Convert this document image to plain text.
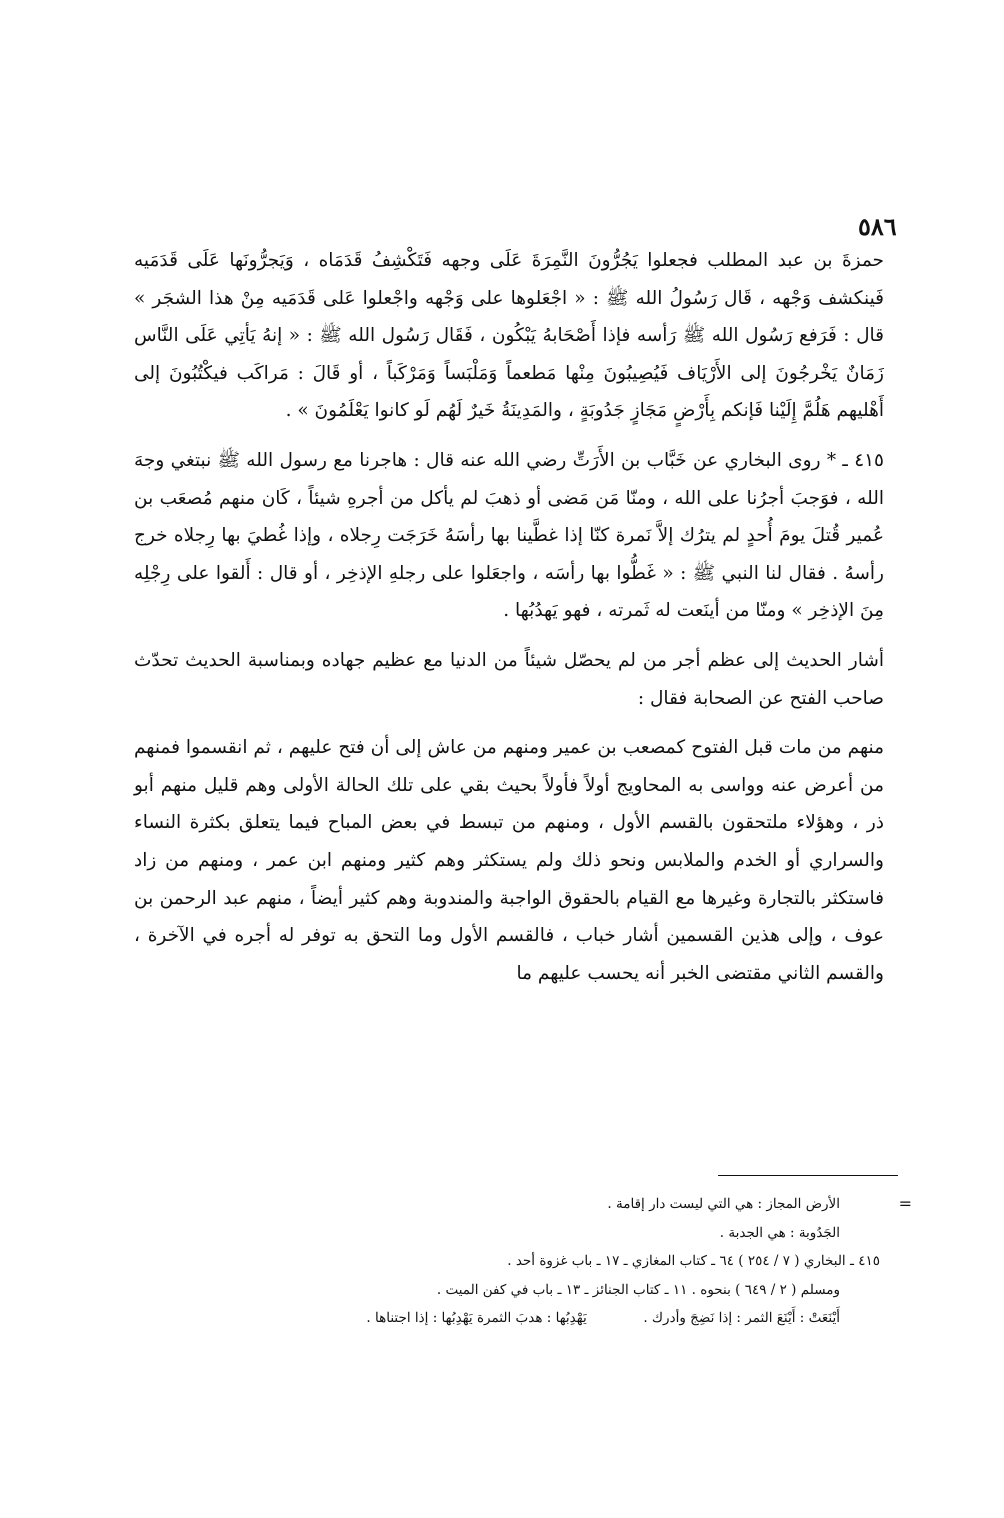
٥٨٦

حمزةَ بن عبد المطلب فجعلوا يَجُرُّونَ النَّمِرَةَ عَلَى وجهه فَتَكْشِفُ قَدَمَاه ، وَيَجرُّونَها عَلَى قَدَمَيه فَينكشف وَجْهه ، قَال رَسُولُ الله ﷺ : « اجْعَلوها على وَجْهه واجْعلوا عَلى قَدَمَيه مِنْ هذا الشجَر » قال : فَرَفع رَسُول الله ﷺ رَأسه فإذا أَصْحَابهُ يَبْكُون ، فَقَال رَسُول الله ﷺ : « إنهُ يَأتِي عَلَى النَّاس زَمَانٌ يَخْرجُونَ إلى الأَرْيَاف فَيُصِيبُونَ مِنْها مَطعماً وَمَلْبَساً وَمَرْكَباً ، أو قَالَ : مَراكَب فيكْتُبُونَ إلى أَهْليهم هَلُمَّ إِلَيْنا فَإنكم بِأَرْضٍ مَجَازٍ جَدُوبَةٍ ، والمَدِينَةُ خَيرٌ لَهُم لَو كانوا يَعْلَمُونَ » .

٤١٥ ـ * روى البخاري عن خَبَّاب بن الأَرَتِّ رضي الله عنه قال : هاجرنا مع رسول الله ﷺ نبتغي وجهَ الله ، فوَجبَ أجرُنا على الله ، ومنّا مَن مَضى أو ذهبَ لم يأكل من أجرهِ شيئاً ، كَان منهم مُصعَب بن عُمير قُتلَ يومَ أُحدٍ لم يترُك إلاَّ نَمرة كنّا إذا غطَّينا بها رأسَهُ خَرَجَت رِجلاه ، وإذا غُطيَ بها رِجلاه خرج رأسهُ . فقال لنا النبي ﷺ : « غَطُّوا بها رأسَه ، واجعَلوا على رجلهِ الإذخِر ، أو قال : أَلقوا على رِجْلِه مِنَ الإذخِر » ومنّا من أينَعت له ثَمرته ، فهو يَهدُبُها .

أشار الحديث إلى عظم أجر من لم يحصّل شيئاً من الدنيا مع عظيم جهاده وبمناسبة الحديث تحدّث صاحب الفتح عن الصحابة فقال :

منهم من مات قبل الفتوح كمصعب بن عمير ومنهم من عاش إلى أن فتح عليهم ، ثم انقسموا فمنهم من أعرض عنه وواسى به المحاويج أولاً فأولاً بحيث بقي على تلك الحالة الأولى وهم قليل منهم أبو ذر ، وهؤلاء ملتحقون بالقسم الأول ، ومنهم من تبسط في بعض المباح فيما يتعلق بكثرة النساء والسراري أو الخدم والملابس ونحو ذلك ولم يستكثر وهم كثير ومنهم ابن عمر ، ومنهم من زاد فاستكثر بالتجارة وغيرها مع القيام بالحقوق الواجبة والمندوبة وهم كثير أيضاً ، منهم عبد الرحمن بن عوف ، وإلى هذين القسمين أشار خباب ، فالقسم الأول وما التحق به توفر له أجره في الآخرة ، والقسم الثاني مقتضى الخبر أنه يحسب عليهم ما

=
الأرض المجاز : هي التي ليست دار إقامة .
الجَدُوبة : هي الجدبة .
٤١٥ ـ البخاري ( ٧ / ٢٥٤ ) ٦٤ ـ كتاب المغازي ـ ١٧ ـ باب غزوة أحد .
ومسلم ( ٢ / ٦٤٩ ) بنحوه . ١١ ـ كتاب الجنائز ـ ١٣ ـ باب في كفن الميت .
أَيْنَعَتْ : أَيْنَعَ الثمر : إذا نَضِجَ وأدرك .  يَهْدِبُها : هدبَ الثمرة يَهْدِبُها : إذا اجتناها .
